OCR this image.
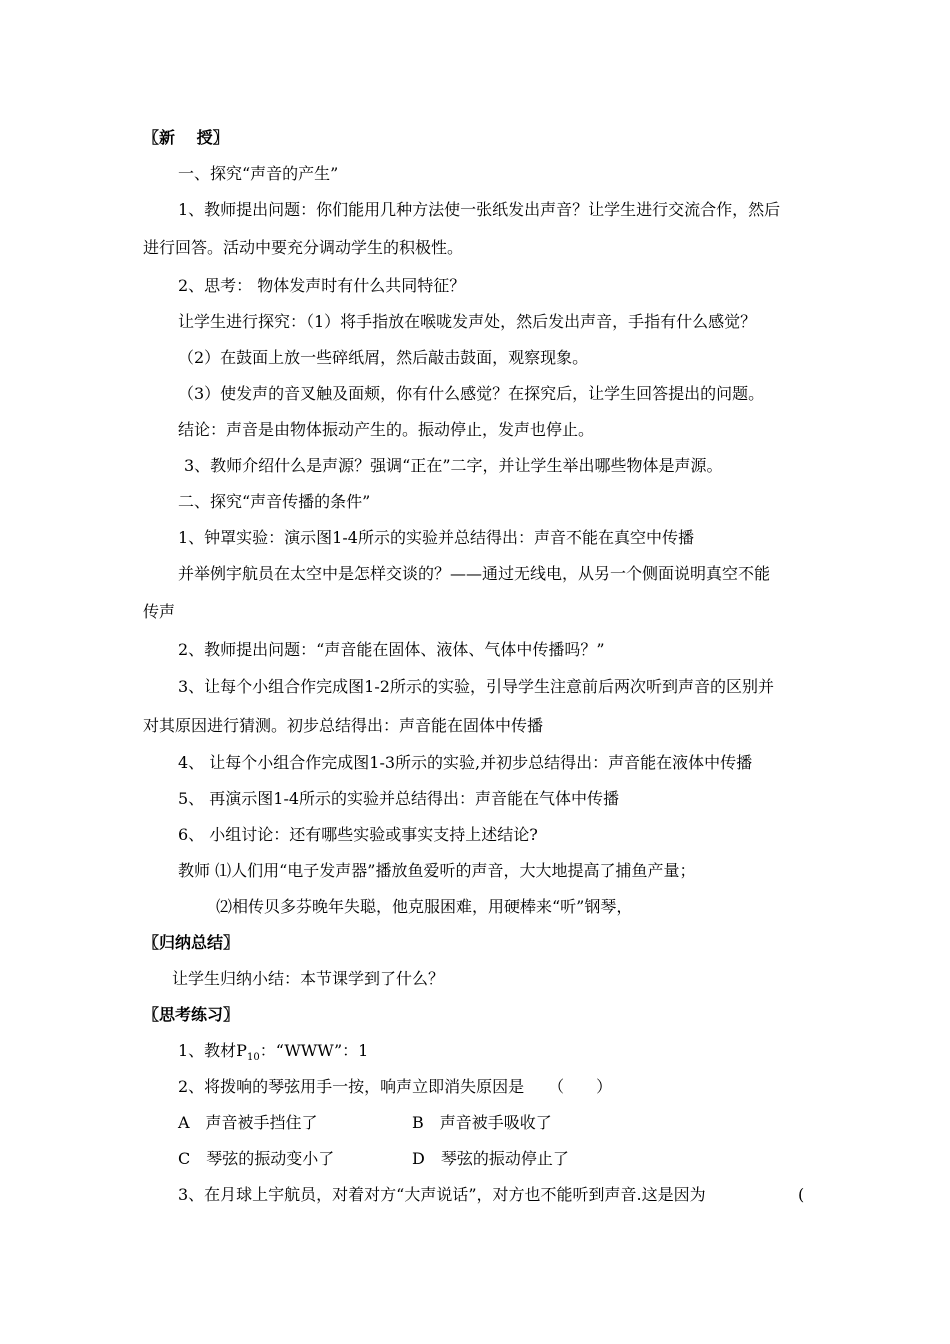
〖新　 授〗
一、探究“声音的产生”
1、教师提出问题：你们能用几种方法使一张纸发出声音？让学生进行交流合作，然后
进行回答。活动中要充分调动学生的积极性。
2、思考： 物体发声时有什么共同特征？
让学生进行探究：（1）将手指放在喉咙发声处，然后发出声音，手指有什么感觉？
（2）在鼓面上放一些碎纸屑，然后敲击鼓面，观察现象。
（3）使发声的音叉触及面颊，你有什么感觉？在探究后，让学生回答提出的问题。
结论：声音是由物体振动产生的。振动停止，发声也停止。
3、教师介绍什么是声源？强调“正在”二字，并让学生举出哪些物体是声源。
二、探究“声音传播的条件”
1、钟罩实验：演示图1-4所示的实验并总结得出：声音不能在真空中传播
并举例宇航员在太空中是怎样交谈的？——通过无线电，从另一个侧面说明真空不能
传声
2、教师提出问题：“声音能在固体、液体、气体中传播吗？”
3、让每个小组合作完成图1-2所示的实验，引导学生注意前后两次听到声音的区别并
对其原因进行猜测。初步总结得出：声音能在固体中传播
4、 让每个小组合作完成图1-3所示的实验,并初步总结得出：声音能在液体中传播
5、 再演示图1-4所示的实验并总结得出：声音能在气体中传播
6、 小组讨论：还有哪些实验或事实支持上述结论?
教师 ⑴人们用“电子发声器”播放鱼爱听的声音，大大地提高了捕鱼产量；
⑵相传贝多芬晚年失聪，他克服困难，用硬棒来“听”钢琴，
〖归纳总结〗
让学生归纳小结：本节课学到了什么？
〖思考练习〗
1、教材$P_{10}$：“WWW”：1
2、将拨响的琴弦用手一按，响声立即消失原因是　　（　　）
A　声音被手挡住了	B　声音被手吸收了
C　琴弦的振动变小了	D　琴弦的振动停止了
3、在月球上宇航员，对着对方“大声说话”，对方也不能听到声音.这是因为	(
